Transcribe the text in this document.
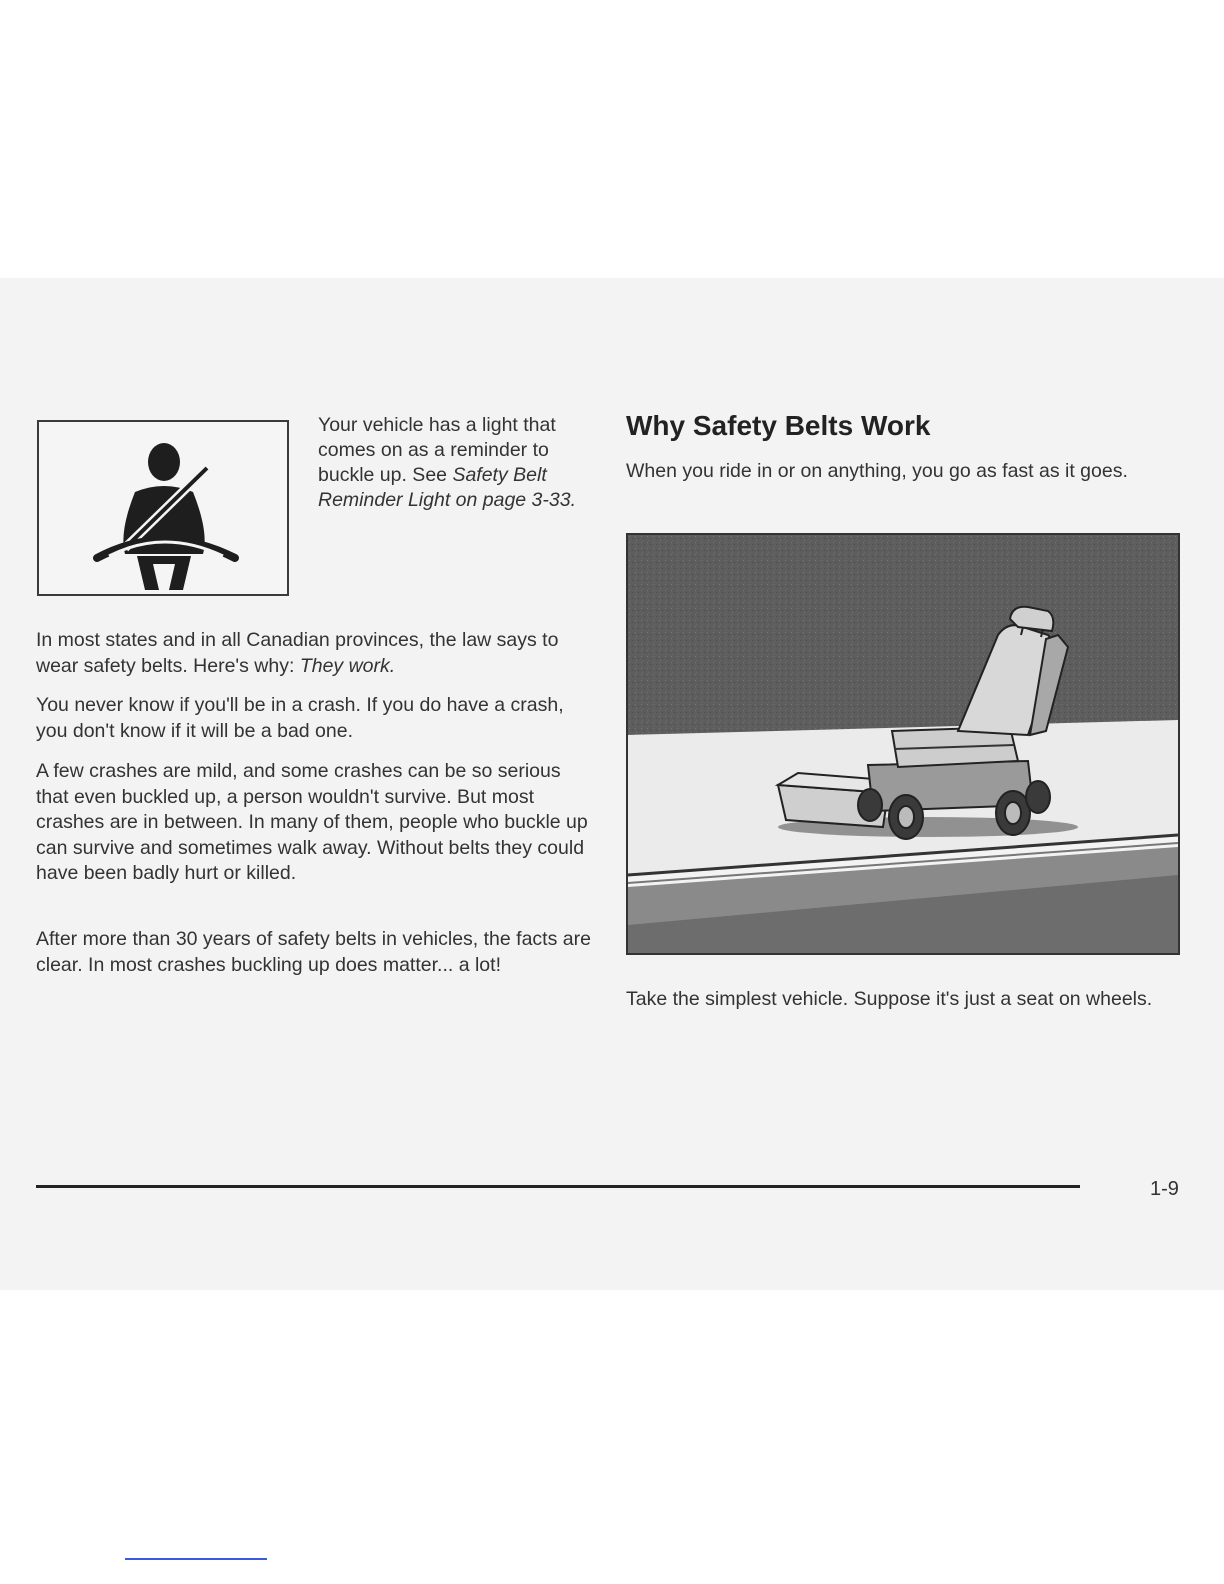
Your vehicle has a light that comes on as a reminder to buckle up. See Safety Belt Reminder Light on page 3-33.

In most states and in all Canadian provinces, the law says to wear safety belts. Here's why: They work.

You never know if you'll be in a crash. If you do have a crash, you don't know if it will be a bad one.

A few crashes are mild, and some crashes can be so serious that even buckled up, a person wouldn't survive. But most crashes are in between. In many of them, people who buckle up can survive and sometimes walk away. Without belts they could have been badly hurt or killed.

After more than 30 years of safety belts in vehicles, the facts are clear. In most crashes buckling up does matter... a lot!

Why Safety Belts Work

When you ride in or on anything, you go as fast as it goes.

Take the simplest vehicle. Suppose it's just a seat on wheels.

1-9
